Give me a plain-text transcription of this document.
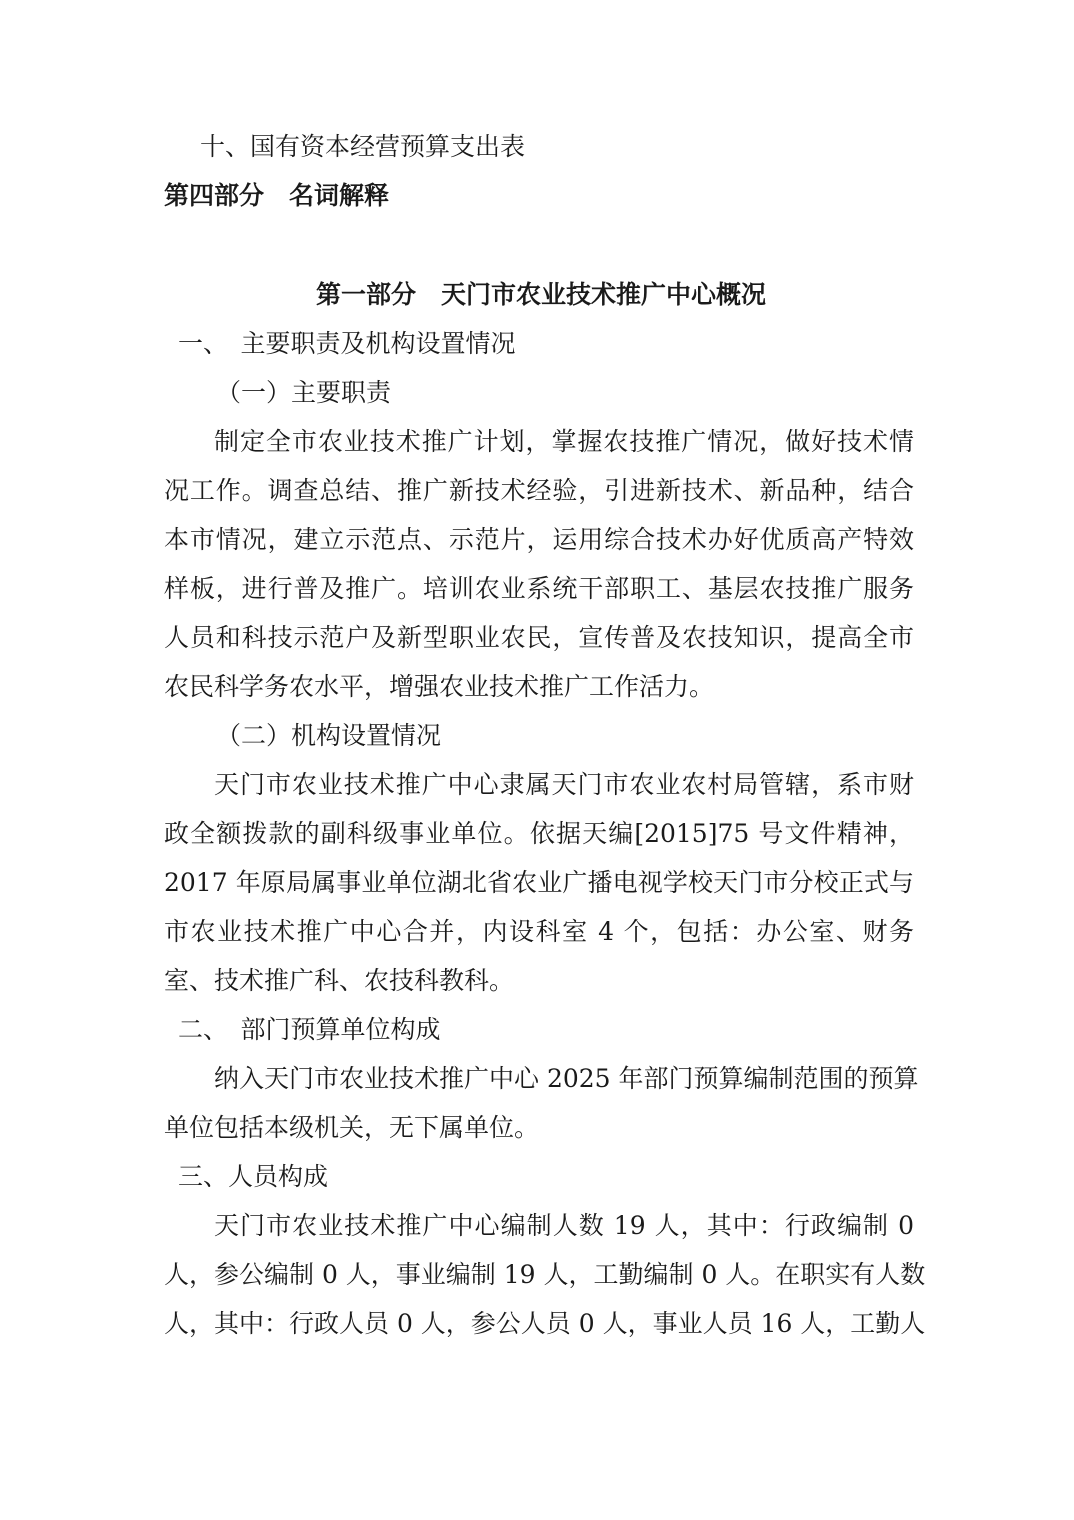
十、国有资本经营预算支出表
第四部分　名词解释
第一部分　天门市农业技术推广中心概况
一、　主要职责及机构设置情况
（一）主要职责
制定全市农业技术推广计划，掌握农技推广情况，做好技术情
况工作。调查总结、推广新技术经验，引进新技术、新品种，结合
本市情况，建立示范点、示范片，运用综合技术办好优质高产特效
样板，进行普及推广。培训农业系统干部职工、基层农技推广服务
人员和科技示范户及新型职业农民，宣传普及农技知识，提高全市
农民科学务农水平，增强农业技术推广工作活力。
（二）机构设置情况
天门市农业技术推广中心隶属天门市农业农村局管辖，系市财
政全额拨款的副科级事业单位。依据天编[2015]75 号文件精神，
2017 年原局属事业单位湖北省农业广播电视学校天门市分校正式与
市农业技术推广中心合并，内设科室 4 个，包括：办公室、财务
室、技术推广科、农技科教科。
二、　部门预算单位构成
纳入天门市农业技术推广中心 2025 年部门预算编制范围的预算
单位包括本级机关，无下属单位。
三、人员构成
天门市农业技术推广中心编制人数 19 人，其中：行政编制 0
人，参公编制 0 人，事业编制 19 人，工勤编制 0 人。在职实有人数
人，其中：行政人员 0 人，参公人员 0 人，事业人员 16 人，工勤人
